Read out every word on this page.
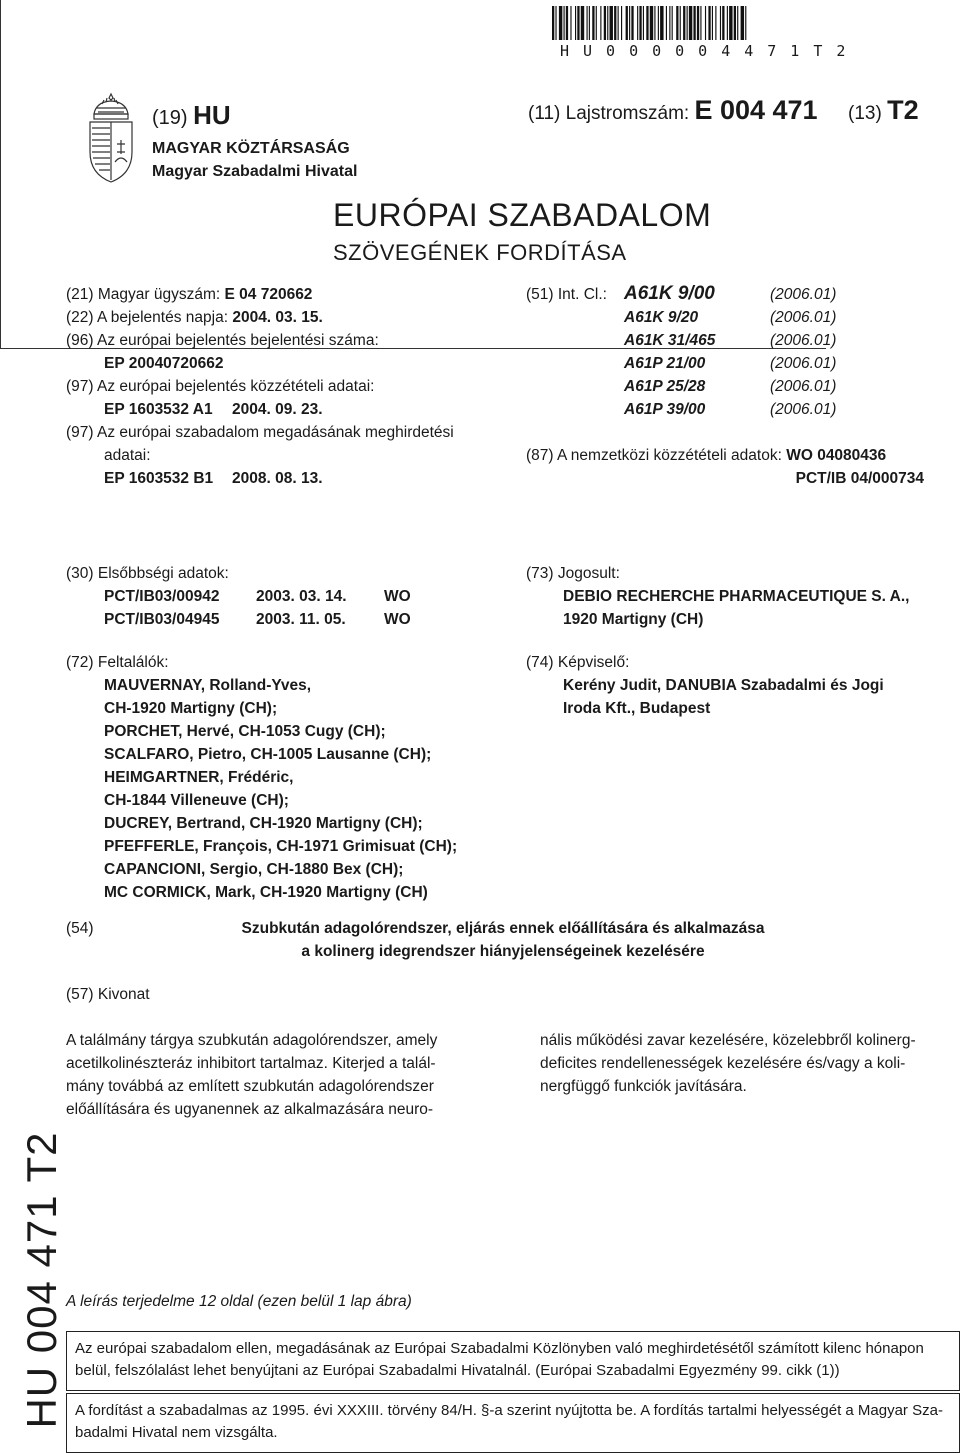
HU000004471T2
(19) HU	(11) Lajstromszám: E 004 471 (13) T2
MAGYAR KÖZTÁRSASÁG
Magyar Szabadalmi Hivatal
EURÓPAI SZABADALOM
SZÖVEGÉNEK FORDÍTÁSA
(21) Magyar ügyszám: E 04 720662
(22) A bejelentés napja: 2004. 03. 15.
(96) Az európai bejelentés bejelentési száma:
EP 20040720662
(97) Az európai bejelentés közzétételi adatai:
EP 1603532 A1 2004. 09. 23.
(97) Az európai szabadalom megadásának meghirdetési
adatai:
EP 1603532 B1 2008. 08. 13.
(51) Int. Cl.:
(87) A nemzetközi közzétételi adatok: WO 04080436
PCT/IB 04/000734
(30) Elsőbbségi adatok:
(72) Feltalálók:
(73) Jogosult:
DEBIO RECHERCHE PHARMACEUTIQUE S. A.,
1920 Martigny (CH)
(74) Képviselő:
Kerény Judit, DANUBIA Szabadalmi és Jogi
Iroda Kft., Budapest
(54)	Szubkután adagolórendszer, eljárás ennek előállítására és alkalmazása
a kolinerg idegrendszer hiányjelenségeinek kezelésére
(57) Kivonat
HU 004 471 T2 A leírás terjedelme 12 oldal (ezen belül 1 lap ábra)
Az európai szabadalom ellen, megadásának az Európai Szabadalmi Közlönyben való meghirdetésétől számított kilenc hónapon
belül, felszólalást lehet benyújtani az Európai Szabadalmi Hivatalnál. (Európai Szabadalmi Egyezmény 99. cikk (1))
A fordítást a szabadalmas az 1995. évi XXXIII. törvény 84/H. §-a szerint nyújtotta be. A fordítás tartalmi helyességét a Magyar Sza-
badalmi Hivatal nem vizsgálta.
A61K 9/00	(2006.01)
A61K 9/20	(2006.01)
A61K 31/465	(2006.01)
A61P 21/00	(2006.01)
A61P 25/28	(2006.01)
A61P 39/00	(2006.01)
PCT/IB03/00942 2003. 03. 14. WO
PCT/IB03/04945 2003. 11. 05. WO
MAUVERNAY, Rolland-Yves,
CH-1920 Martigny (CH);
PORCHET, Hervé, CH-1053 Cugy (CH);
SCALFARO, Pietro, CH-1005 Lausanne (CH);
HEIMGARTNER, Frédéric,
CH-1844 Villeneuve (CH);
DUCREY, Bertrand, CH-1920 Martigny (CH);
PFEFFERLE, François, CH-1971 Grimisuat (CH);
CAPANCIONI, Sergio, CH-1880 Bex (CH);
MC CORMICK, Mark, CH-1920 Martigny (CH)
A találmány tárgya szubkután adagolórendszer, amely
acetilkolinészteráz inhibitort tartalmaz. Kiterjed a talál-
mány továbbá az említett szubkután adagolórendszer
előállítására és ugyanennek az alkalmazására neuro-
nális működési zavar kezelésére, közelebbről kolinerg-
deficites rendellenességek kezelésére és/vagy a koli-
nergfüggő funkciók javítására.
